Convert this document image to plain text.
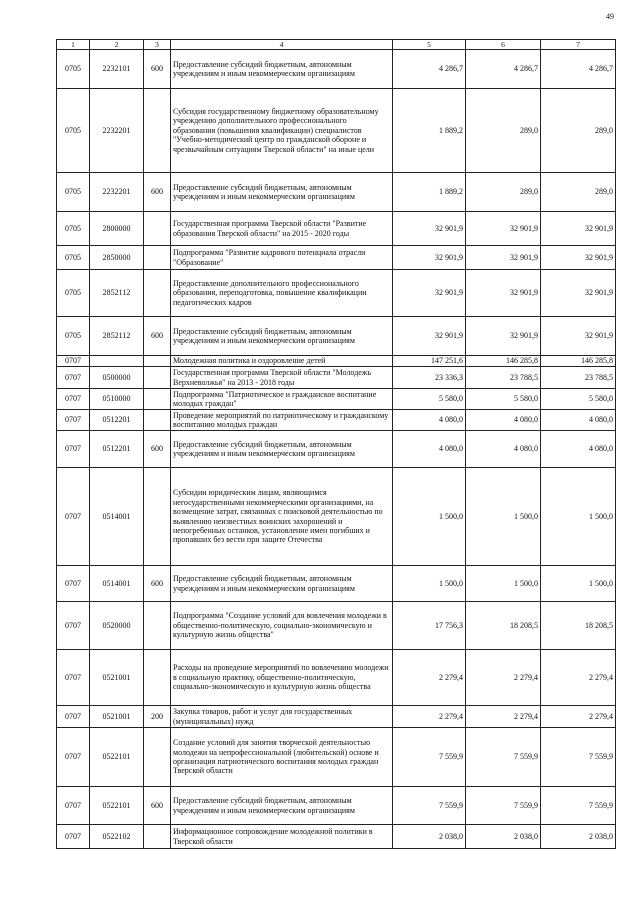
49
1	2	3	4	5	6	7
0705	2232101	600	Предоставление субсидий бюджетным, автономным учреждениям и иным некоммерческим организациям	4 286,7	4 286,7	4 286,7
0705	2232201		Субсидия государственному бюджетному образовательному учреждению дополнительного профессионального образования (повышения квалификации) специалистов "Учебно-методический центр по гражданской обороне и чрезвычайным ситуациям Тверской области" на иные цели	1 889,2	289,0	289,0
0705	2232201	600	Предоставление субсидий бюджетным, автономным учреждениям и иным некоммерческим организациям	1 889,2	289,0	289,0
0705	2800000		Государственная программа Тверской области "Развитие образования Тверской области" на 2015 - 2020 годы	32 901,9	32 901,9	32 901,9
0705	2850000		Подпрограмма "Развитие кадрового потенциала отрасли "Образование"	32 901,9	32 901,9	32 901,9
0705	2852112		Предоставление дополнительного профессионального образования, переподготовка, повышение квалификации педагогических кадров	32 901,9	32 901,9	32 901,9
0705	2852112	600	Предоставление субсидий бюджетным, автономным учреждениям и иным некоммерческим организациям	32 901,9	32 901,9	32 901,9
0707			Молодежная политика и оздоровление детей	147 251,6	146 285,8	146 285,8
0707	0500000		Государственная программа Тверской области "Молодежь Верхневолжья" на 2013 - 2018 годы	23 336,3	23 788,5	23 788,5
0707	0510000		Подпрограмма "Патриотическое и гражданское воспитание молодых граждан"	5 580,0	5 580,0	5 580,0
0707	0512201		Проведение мероприятий по патриотическому и гражданскому воспитанию молодых граждан	4 080,0	4 080,0	4 080,0
0707	0512201	600	Предоставление субсидий бюджетным, автономным учреждениям и иным некоммерческим организациям	4 080,0	4 080,0	4 080,0
0707	0514001		Субсидии юридическим лицам, являющимся негосударственными некоммерческими организациями, на возмещение затрат, связанных с поисковой деятельностью по выявлению неизвестных воинских захоронений и непогребенных останков, установление имен погибших и пропавших без вести при защите Отечества	1 500,0	1 500,0	1 500,0
0707	0514001	600	Предоставление субсидий бюджетным, автономным учреждениям и иным некоммерческим организациям	1 500,0	1 500,0	1 500,0
0707	0520000		Подпрограмма "Создание условий для вовлечения молодежи в общественно-политическую, социально-экономическую и культурную жизнь общества"	17 756,3	18 208,5	18 208,5
0707	0521001		Расходы на проведение мероприятий по вовлечению молодежи в социальную практику, общественно-политическую, социально-экономическую и культурную жизнь общества	2 279,4	2 279,4	2 279,4
0707	0521001	200	Закупка товаров, работ и услуг для государственных (муниципальных) нужд	2 279,4	2 279,4	2 279,4
0707	0522101		Создание условий для занятия творческой деятельностью молодежи на непрофессиональной (любительской) основе и организация патриотического воспитания молодых граждан Тверской области	7 559,9	7 559,9	7 559,9
0707	0522101	600	Предоставление субсидий бюджетным, автономным учреждениям и иным некоммерческим организациям	7 559,9	7 559,9	7 559,9
0707	0522102		Информационное сопровождение молодежной политики в Тверской области	2 038,0	2 038,0	2 038,0
